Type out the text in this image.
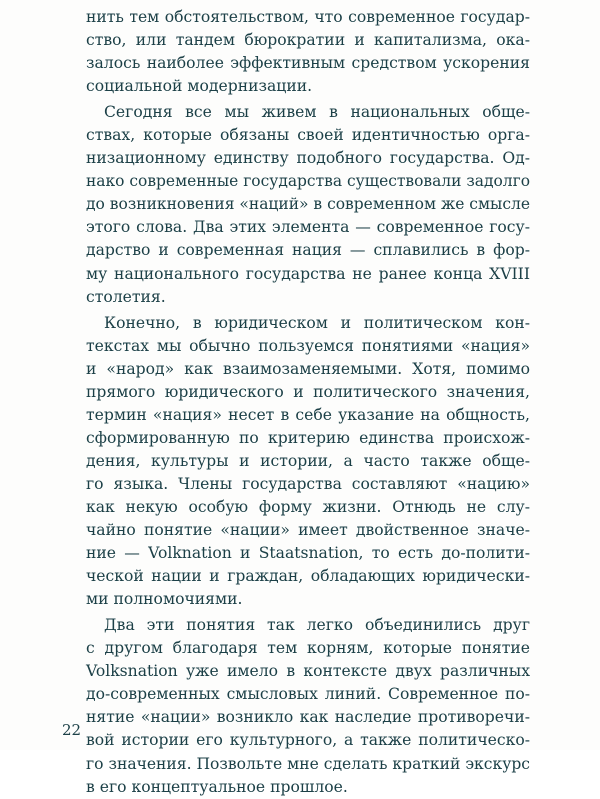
нить тем обстоятельством, что современное государ-
ство, или тандем бюрократии и капитализма, ока-
залось наиболее эффективным средством ускорения
социальной модернизации.
Сегодня все мы живем в национальных обще-
ствах, которые обязаны своей идентичностью орга-
низационному единству подобного государства. Од-
нако современные государства существовали задолго
до возникновения «наций» в современном же смысле
этого слова. Два этих элемента — современное госу-
дарство и современная нация — сплавились в фор-
му национального государства не ранее конца XVIII
столетия.
Конечно, в юридическом и политическом кон-
текстах мы обычно пользуемся понятиями «нация»
и «народ» как взаимозаменяемыми. Хотя, помимо
прямого юридического и политического значения,
термин «нация» несет в себе указание на общность,
сформированную по критерию единства происхож-
дения, культуры и истории, а часто также обще-
го языка. Члены государства составляют «нацию»
как некую особую форму жизни. Отнюдь не слу-
чайно понятие «нации» имеет двойственное значе-
ние — Volknation и Staatsnation, то есть до-полити-
ческой нации и граждан, обладающих юридически-
ми полномочиями.
Два эти понятия так легко объединились друг
с другом благодаря тем корням, которые понятие
Volksnation уже имело в контексте двух различных
до-современных смысловых линий. Современное по-
нятие «нации» возникло как наследие противоречи-
вой истории его культурного, а также политическо-
го значения. Позвольте мне сделать краткий экскурс
в его концептуальное прошлое.
22
